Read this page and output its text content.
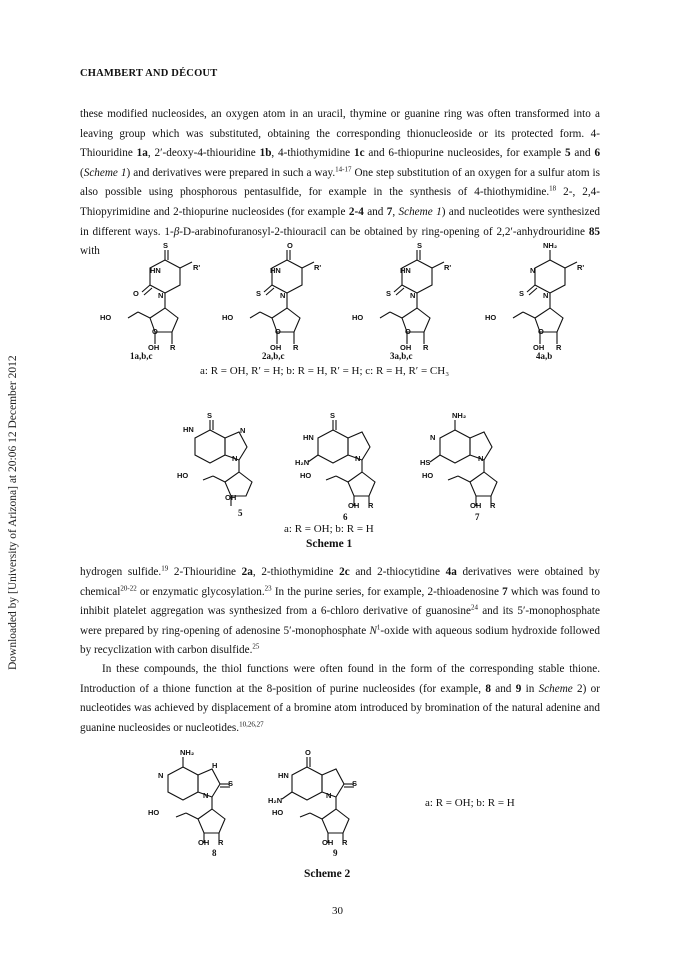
Downloaded by [University of Arizona] at 20:06 12 December 2012
CHAMBERT AND DÉCOUT

these modified nucleosides, an oxygen atom in an uracil, thymine or guanine ring was often transformed into a leaving group which was substituted, obtaining the corresponding thionucleoside or its protected form. 4-Thiouridine 1a, 2′-deoxy-4-thiouridine 1b, 4-thiothymidine 1c and 6-thiopurine nucleosides, for example 5 and 6 (Scheme 1) and derivatives were prepared in such a way.$^{14-17}$ One step substitution of an oxygen for a sulfur atom is also possible using phosphorous pentasulfide, for example in the synthesis of 4-thiothymidine.$^{18}$ 2-, 2,4-Thiopyrimidine and 2-thiopurine nucleosides (for example 2-4 and 7, Scheme 1) and nucleotides were synthesized in different ways. 1-β-D-arabinofuranosyl-2-thiouracil can be obtained by ring-opening of 2,2′-anhydrouridine 85 with	S
HN	R'
O	N
HO
O
OH R
O
HN	R'
S	N
HO
O
OH R
S
HN	R'
S	N
HO
O
OH R
NH₂
N	R'
S	N
HO
O
OH R
S
HN	N
N
HO
OH
S
HN
H₂N	N
HO
OH R
NH₂
N
HS	N
HO
OH R
NH₂
N
H
S
N
HO
OH R
O
HN
H₂N
S
N
HO
OH R
1a,b,c	2a,b,c	3a,b,c	4a,b
a: R = OH, R′ = H; b: R = H, R′ = H; c: R = H, R′ = CH₃
5	6	7
a: R = OH; b: R = H
Scheme 1

hydrogen sulfide.$^{19}$ 2-Thiouridine 2a, 2-thiothymidine 2c and 2-thiocytidine 4a derivatives were obtained by chemical$^{20-22}$ or enzymatic glycosylation.$^{23}$ In the purine series, for example, 2-thioadenosine 7 which was found to inhibit platelet aggregation was synthesized from a 6-chloro derivative of guanosine$^{24}$ and its 5′-monophosphate were prepared by ring-opening of adenosine 5′-monophosphate $N^1$-oxide with aqueous sodium hydroxide followed by recyclization with carbon disulfide.$^{25}$

In these compounds, the thiol functions were often found in the form of the corresponding stable thione. Introduction of a thione function at the 8-position of purine nucleosides (for example, 8 and 9 in Scheme 2) or nucleotides was achieved by displacement of a bromine atom introduced by bromination of the natural adenine and guanine nucleosides or nucleotides.$^{10,26,27}$

8	9
a: R = OH; b: R = H
Scheme 2
30
